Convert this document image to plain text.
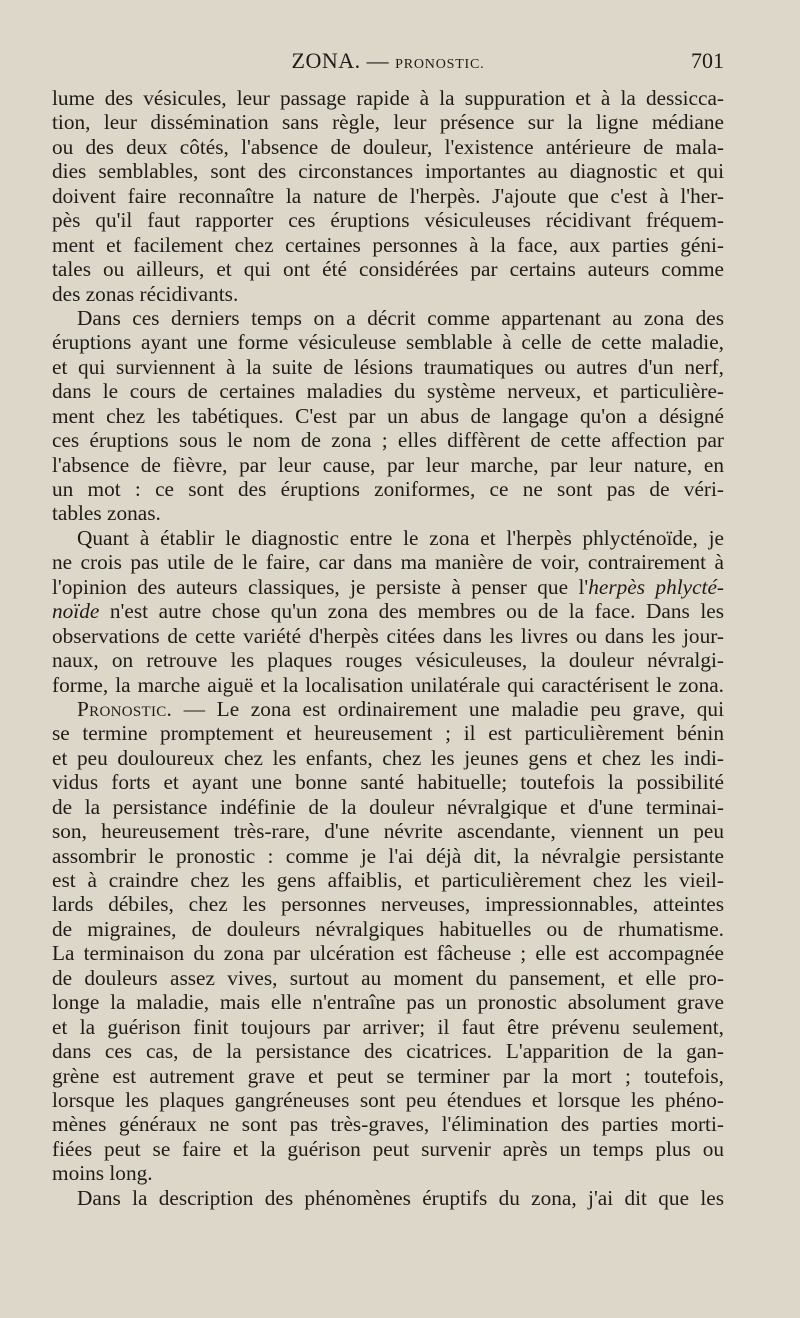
ZONA. — PRONOSTIC.	701
lume des vésicules, leur passage rapide à la suppuration et à la dessicca-
tion, leur dissémination sans règle, leur présence sur la ligne médiane
ou des deux côtés, l'absence de douleur, l'existence antérieure de mala-
dies semblables, sont des circonstances importantes au diagnostic et qui
doivent faire reconnaître la nature de l'herpès. J'ajoute que c'est à l'her-
pès qu'il faut rapporter ces éruptions vésiculeuses récidivant fréquem-
ment et facilement chez certaines personnes à la face, aux parties géni-
tales ou ailleurs, et qui ont été considérées par certains auteurs comme
des zonas récidivants.
Dans ces derniers temps on a décrit comme appartenant au zona des
éruptions ayant une forme vésiculeuse semblable à celle de cette maladie,
et qui surviennent à la suite de lésions traumatiques ou autres d'un nerf,
dans le cours de certaines maladies du système nerveux, et particulière-
ment chez les tabétiques. C'est par un abus de langage qu'on a désigné
ces éruptions sous le nom de zona ; elles diffèrent de cette affection par
l'absence de fièvre, par leur cause, par leur marche, par leur nature, en
un mot : ce sont des éruptions zoniformes, ce ne sont pas de véri-
tables zonas.
Quant à établir le diagnostic entre le zona et l'herpès phlycténoïde, je
ne crois pas utile de le faire, car dans ma manière de voir, contrairement à
l'opinion des auteurs classiques, je persiste à penser que l'herpès phlycté-
noïde n'est autre chose qu'un zona des membres ou de la face. Dans les
observations de cette variété d'herpès citées dans les livres ou dans les jour-
naux, on retrouve les plaques rouges vésiculeuses, la douleur névralgi-
forme, la marche aiguë et la localisation unilatérale qui caractérisent le zona.
Pronostic. — Le zona est ordinairement une maladie peu grave, qui
se termine promptement et heureusement ; il est particulièrement bénin
et peu douloureux chez les enfants, chez les jeunes gens et chez les indi-
vidus forts et ayant une bonne santé habituelle; toutefois la possibilité
de la persistance indéfinie de la douleur névralgique et d'une terminai-
son, heureusement très-rare, d'une névrite ascendante, viennent un peu
assombrir le pronostic : comme je l'ai déjà dit, la névralgie persistante
est à craindre chez les gens affaiblis, et particulièrement chez les vieil-
lards débiles, chez les personnes nerveuses, impressionnables, atteintes
de migraines, de douleurs névralgiques habituelles ou de rhumatisme.
La terminaison du zona par ulcération est fâcheuse ; elle est accompagnée
de douleurs assez vives, surtout au moment du pansement, et elle pro-
longe la maladie, mais elle n'entraîne pas un pronostic absolument grave
et la guérison finit toujours par arriver; il faut être prévenu seulement,
dans ces cas, de la persistance des cicatrices. L'apparition de la gan-
grène est autrement grave et peut se terminer par la mort ; toutefois,
lorsque les plaques gangréneuses sont peu étendues et lorsque les phéno-
mènes généraux ne sont pas très-graves, l'élimination des parties morti-
fiées peut se faire et la guérison peut survenir après un temps plus ou
moins long.
Dans la description des phénomènes éruptifs du zona, j'ai dit que les
